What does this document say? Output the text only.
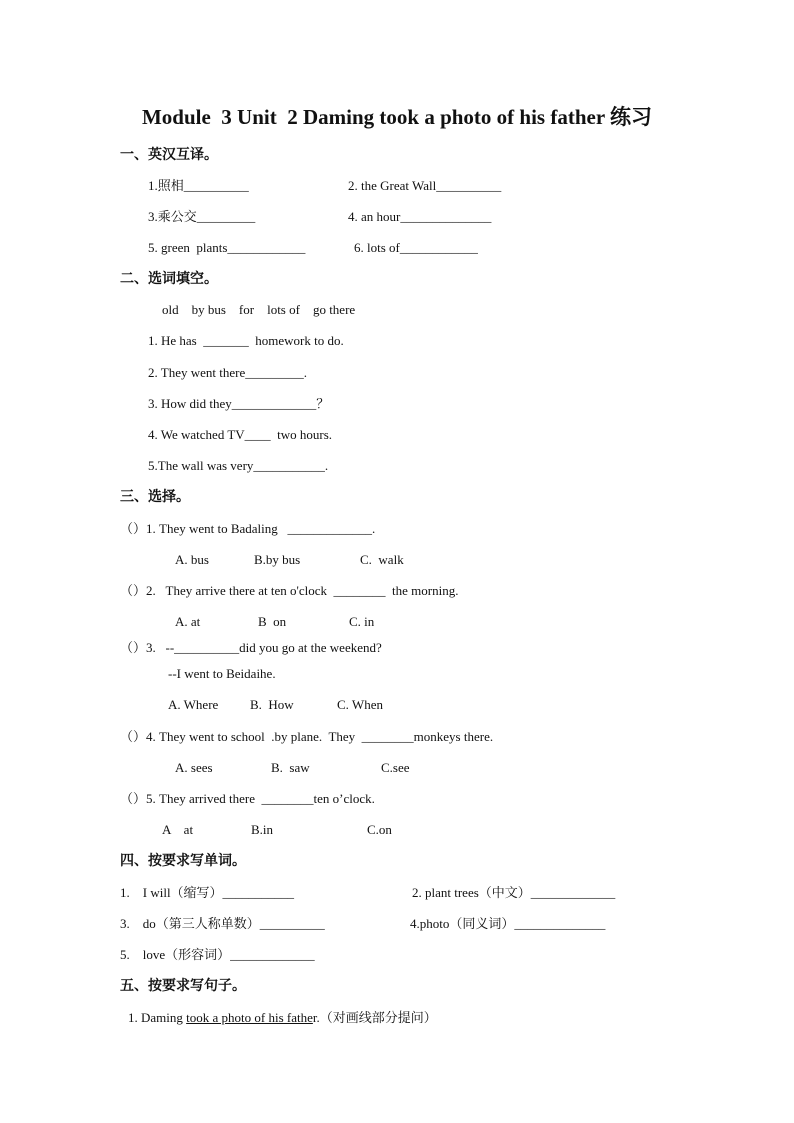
Module  3 Unit  2 Daming took a photo of his father 练习
一、英汉互译。
1.照相__________	2. the Great Wall__________
3.乘公交_________	4. an hour______________
5. green  plants____________	6. lots of____________
二、选词填空。
old    by bus    for    lots of    go there
1. He has  _______  homework to do.
2. They went there_________.
3. How did they_____________？
4. We watched TV____  two hours.
5.The wall was very___________.
三、选择。
（）1. They went to Badaling   _____________.
A. bus	B.by bus	C.  walk
（）2.   They arrive there at ten o'clock  ________  the morning.
A. at	B  on	C. in
（）3.   --__________did you go at the weekend?
--I went to Beidaihe.
A. Where B.  How	C. When
（）4. They went to school  .by plane.  They  ________monkeys there.
A. sees	B.  saw	C.see
（）5. They arrived there  ________ten o’clock.
A    at	B.in	C.on
四、按要求写单词。
1.    I will（缩写）___________	2. plant trees（中文）_____________
3.    do（第三人称单数）__________	4.photo（同义词）______________
5.    love（形容词）_____________
五、按要求写句子。
1. Daming took a photo of his father.（对画线部分提问）
